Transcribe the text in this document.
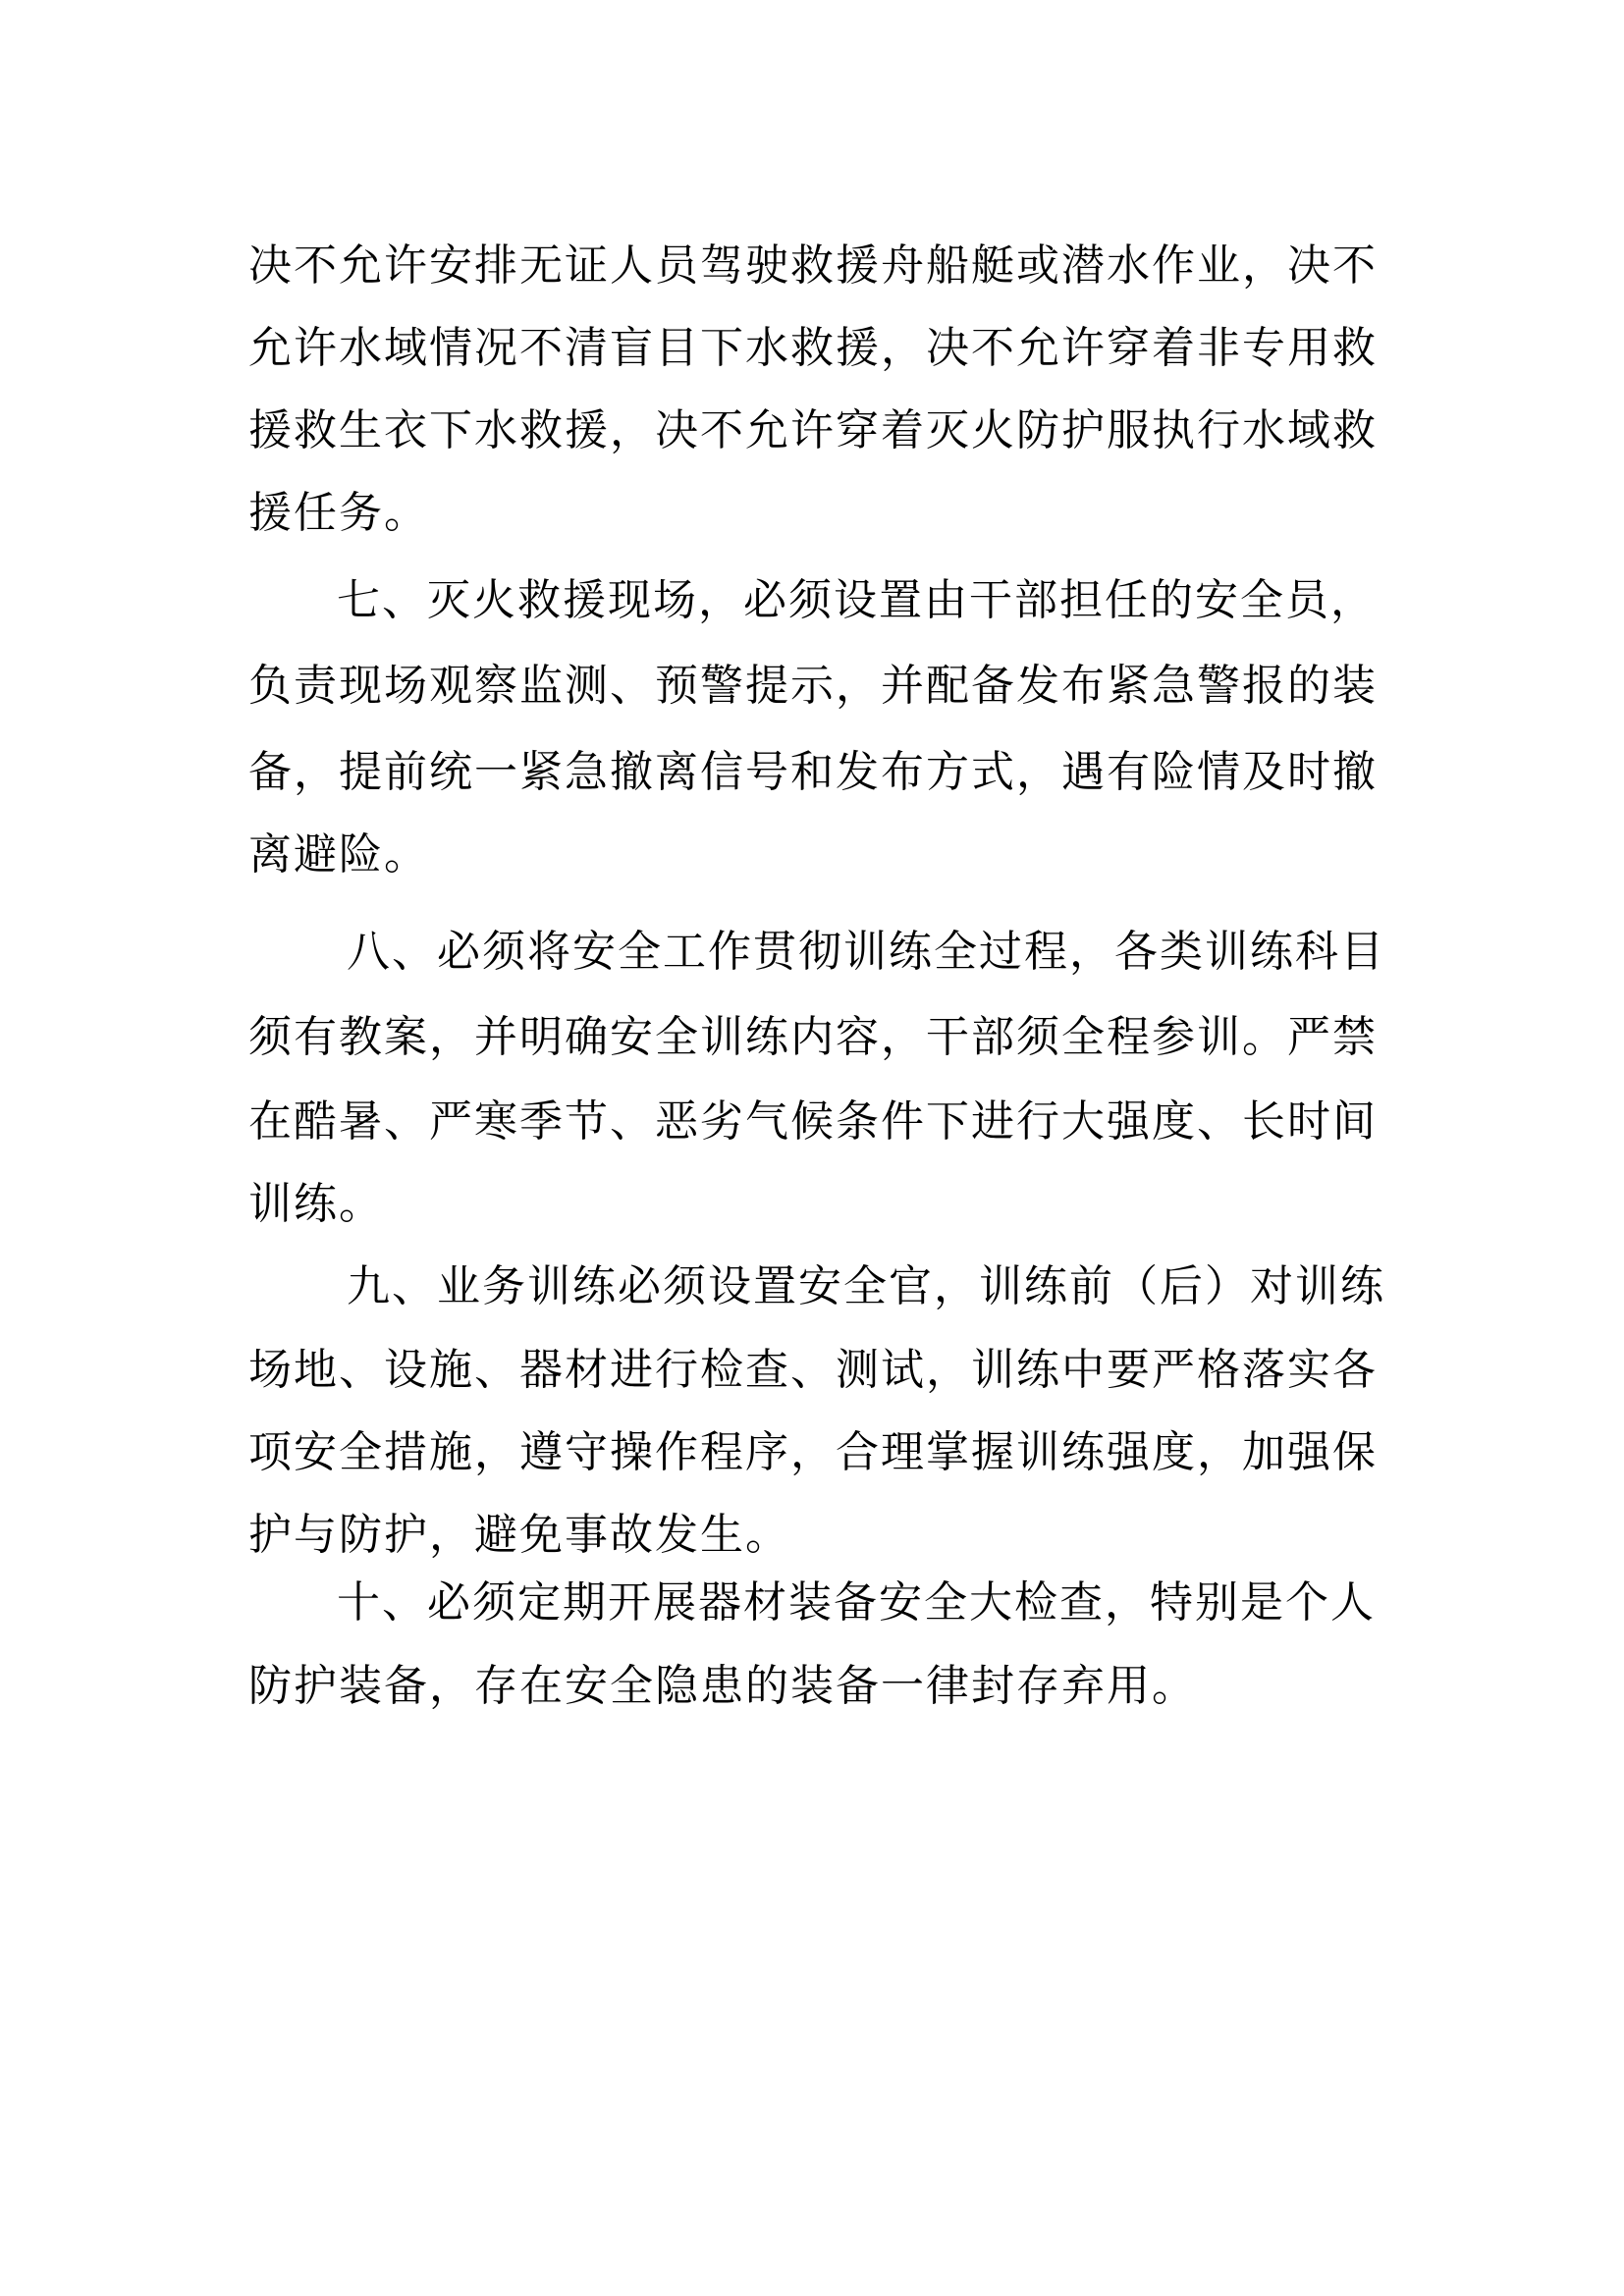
决不允许安排无证人员驾驶救援舟船艇或潜水作业，决不
允许水域情况不清盲目下水救援，决不允许穿着非专用救
援救生衣下水救援，决不允许穿着灭火防护服执行水域救
援任务。
七、灭火救援现场，必须设置由干部担任的安全员，
负责现场观察监测、预警提示，并配备发布紧急警报的装
备，提前统一紧急撤离信号和发布方式，遇有险情及时撤
离避险。
八、必须将安全工作贯彻训练全过程，各类训练科目
须有教案，并明确安全训练内容，干部须全程参训。严禁
在酷暑、严寒季节、恶劣气候条件下进行大强度、长时间
训练。
九、业务训练必须设置安全官，训练前（后）对训练
场地、设施、器材进行检查、测试，训练中要严格落实各
项安全措施，遵守操作程序，合理掌握训练强度，加强保
护与防护，避免事故发生。
十、必须定期开展器材装备安全大检查，特别是个人
防护装备，存在安全隐患的装备一律封存弃用。
